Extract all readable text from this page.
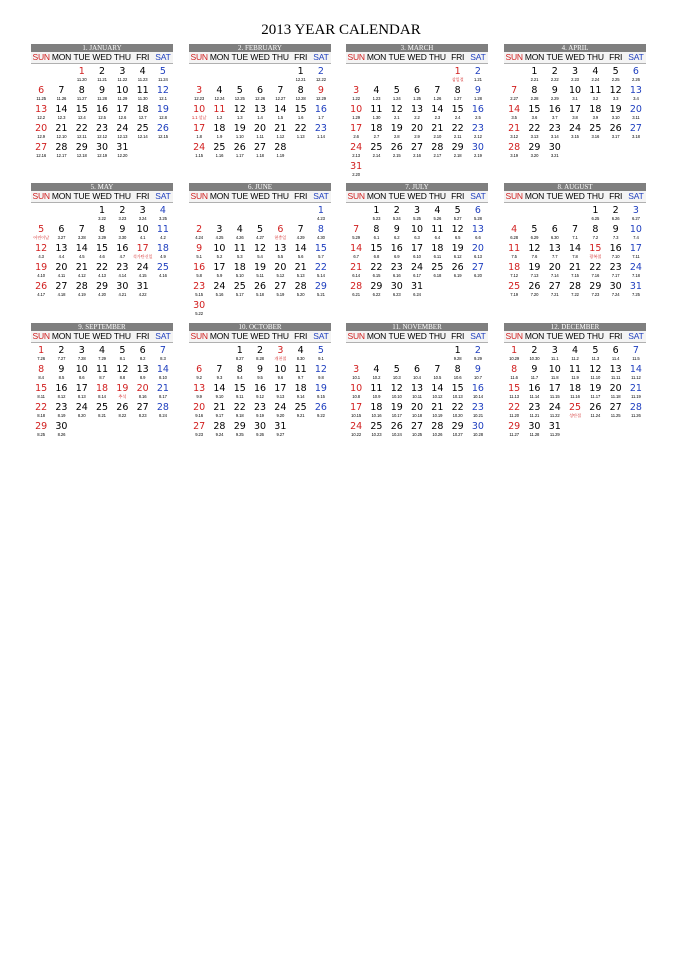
2013 YEAR CALENDAR
1. JANUARY
SUN MON TUE WED THU FRI SAT
1
11.20
2
11.21
3
11.22
4
11.23
5
11.24
6
11.25
7
11.26
8
11.27
9
11.28
10
11.29
11
11.30
12
12.1
13
12.2
14
12.3
15
12.4
16
12.5
17
12.6
18
12.7
19
12.8
20
12.9
21
12.10
22
12.11
23
12.12
24
12.13
25
12.14
26
12.15
27
12.16
28
12.17
29
12.18
30
12.19
31
12.20
2. FEBRUARY
SUN MON TUE WED THU FRI SAT
1
12.21
2
12.22
3
12.23
4
12.24
5
12.25
6
12.26
7
12.27
8
12.28
9
12.29
10
1.1 설날
11
1.2
12
1.3
13
1.4
14
1.5
15
1.6
16
1.7
17
1.8
18
1.9
19
1.10
20
1.11
21
1.12
22
1.13
23
1.14
24
1.15
25
1.16
26
1.17
27
1.18
28
1.19
3. MARCH
SUN MON TUE WED THU FRI SAT
1
삼일절
2
1.21
3
1.22
4
1.23
5
1.24
6
1.25
7
1.26
8
1.27
9
1.28
10
1.29
11
1.30
12
2.1
13
2.2
14
2.3
15
2.4
16
2.5
17
2.6
18
2.7
19
2.8
20
2.9
21
2.10
22
2.11
23
2.12
24
2.13
25
2.14
26
2.15
27
2.16
28
2.17
29
2.18
30
2.19
31
2.20
4. APRIL
SUN MON TUE WED THU FRI SAT
1
2.21
2
2.22
3
2.23
4
2.24
5
2.25
6
2.26
7
2.27
8
2.28
9
2.29
10
3.1
11
3.2
12
3.3
13
3.4
14
3.5
15
3.6
16
3.7
17
3.8
18
3.9
19
3.10
20
3.11
21
3.12
22
3.13
23
3.14
24
3.15
25
3.16
26
3.17
27
3.18
28
3.19
29
3.20
30
3.21
5. MAY
SUN MON TUE WED THU FRI SAT
1
3.22
2
3.23
3
3.24
4
3.25
5
어린이날
6
3.27
7
3.28
8
3.29
9
3.30
10
4.1
11
4.2
12
4.3
13
4.4
14
4.5
15
4.6
16
4.7
17
석가탄신일
18
4.9
19
4.10
20
4.11
21
4.12
22
4.13
23
4.14
24
4.15
25
4.16
26
4.17
27
4.18
28
4.19
29
4.20
30
4.21
31
4.22
6. JUNE
SUN MON TUE WED THU FRI SAT
1
4.23
2
4.24
3
4.25
4
4.26
5
4.27
6
현충일
7
4.29
8
4.30
9
5.1
10
5.2
11
5.3
12
5.4
13
5.5
14
5.6
15
5.7
16
5.8
17
5.9
18
5.10
19
5.11
20
5.12
21
5.13
22
5.14
23
5.15
24
5.16
25
5.17
26
5.18
27
5.19
28
5.20
29
5.21
30
5.22
7. JULY
SUN MON TUE WED THU FRI SAT
1
5.23
2
5.24
3
5.25
4
5.26
5
5.27
6
5.28
7
5.29
8
6.1
9
6.2
10
6.3
11
6.4
12
6.5
13
6.6
14
6.7
15
6.8
16
6.9
17
6.10
18
6.11
19
6.12
20
6.13
21
6.14
22
6.15
23
6.16
24
6.17
25
6.18
26
6.19
27
6.20
28
6.21
29
6.22
30
6.23
31
6.24
8. AUGUST
SUN MON TUE WED THU FRI SAT
1
6.25
2
6.26
3
6.27
4
6.28
5
6.29
6
6.30
7
7.1
8
7.2
9
7.3
10
7.4
11
7.5
12
7.6
13
7.7
14
7.8
15
광복절
16
7.10
17
7.11
18
7.12
19
7.13
20
7.14
21
7.15
22
7.16
23
7.17
24
7.18
25
7.19
26
7.20
27
7.21
28
7.22
29
7.23
30
7.24
31
7.25
9. SEPTEMBER
SUN MON TUE WED THU FRI SAT
1
7.26
2
7.27
3
7.28
4
7.29
5
8.1
6
8.2
7
8.3
8
8.4
9
8.5
10
8.6
11
8.7
12
8.8
13
8.9
14
8.10
15
8.11
16
8.12
17
8.13
18
8.14
19
추석
20
8.16
21
8.17
22
8.18
23
8.19
24
8.20
25
8.21
26
8.22
27
8.23
28
8.24
29
8.25
30
8.26
10. OCTOBER
SUN MON TUE WED THU FRI SAT
1
8.27
2
8.28
3
개천절
4
8.30
5
9.1
6
9.2
7
9.3
8
9.4
9
9.5
10
9.6
11
9.7
12
9.8
13
9.9
14
9.10
15
9.11
16
9.12
17
9.13
18
9.14
19
9.15
20
9.16
21
9.17
22
9.18
23
9.19
24
9.20
25
9.21
26
9.22
27
9.23
28
9.24
29
9.25
30
9.26
31
9.27
11. NOVEMBER
SUN MON TUE WED THU FRI SAT
1
9.28
2
9.29
3
10.1
4
10.2
5
10.3
6
10.4
7
10.5
8
10.6
9
10.7
10
10.8
11
10.9
12
10.10
13
10.11
14
10.12
15
10.13
16
10.14
17
10.15
18
10.16
19
10.17
20
10.18
21
10.19
22
10.20
23
10.21
24
10.22
25
10.23
26
10.24
27
10.25
28
10.26
29
10.27
30
10.28
12. DECEMBER
SUN MON TUE WED THU FRI SAT
1
10.29
2
10.30
3
11.1
4
11.2
5
11.3
6
11.4
7
11.5
8
11.6
9
11.7
10
11.8
11
11.9
12
11.10
13
11.11
14
11.12
15
11.13
16
11.14
17
11.15
18
11.16
19
11.17
20
11.18
21
11.19
22
11.20
23
11.21
24
11.22
25
성탄절
26
11.24
27
11.25
28
11.26
29
11.27
30
11.28
31
11.29
